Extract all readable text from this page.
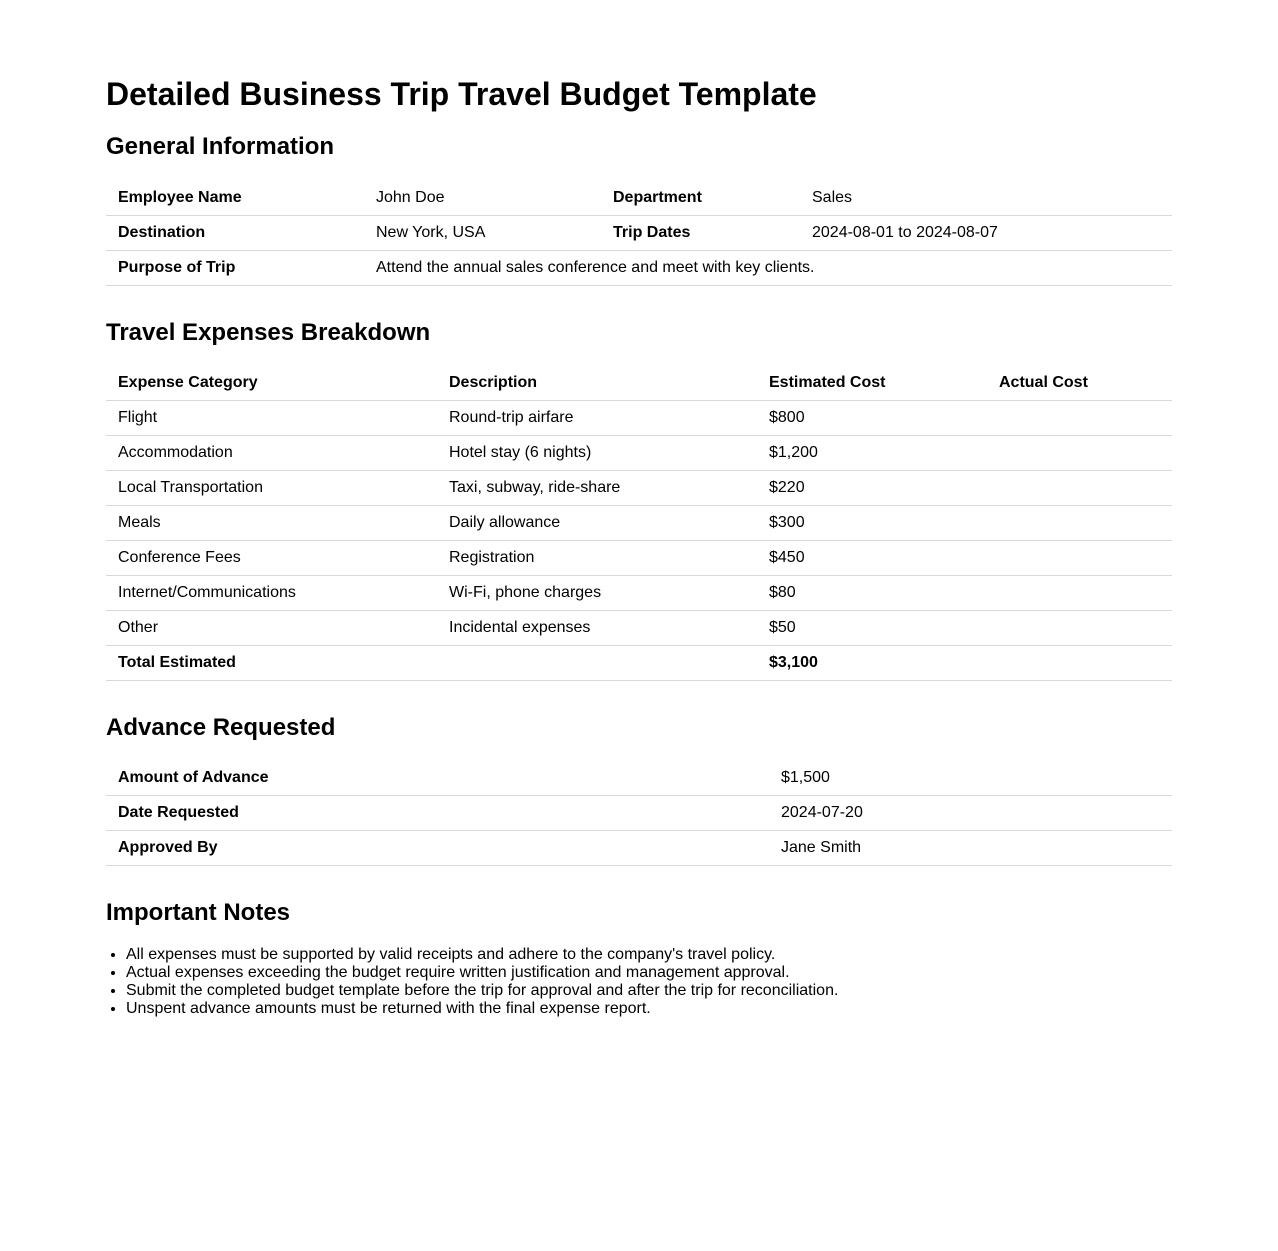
Detailed Business Trip Travel Budget Template
General Information
Employee Name	John Doe	Department	Sales
Destination	New York, USA	Trip Dates	2024-08-01 to 2024-08-07
Purpose of Trip	Attend the annual sales conference and meet with key clients.		
Travel Expenses Breakdown
Expense Category	Description	Estimated Cost	Actual Cost
Flight	Round-trip airfare	$800	
Accommodation	Hotel stay (6 nights)	$1,200	
Local Transportation	Taxi, subway, ride-share	$220	
Meals	Daily allowance	$300	
Conference Fees	Registration	$450	
Internet/Communications	Wi-Fi, phone charges	$80	
Other	Incidental expenses	$50	
Total Estimated		$3,100	
Advance Requested
Amount of Advance	$1,500
Date Requested	2024-07-20
Approved By	Jane Smith
Important Notes
• All expenses must be supported by valid receipts and adhere to the company's travel policy.
• Actual expenses exceeding the budget require written justification and management approval.
• Submit the completed budget template before the trip for approval and after the trip for reconciliation.
• Unspent advance amounts must be returned with the final expense report.
